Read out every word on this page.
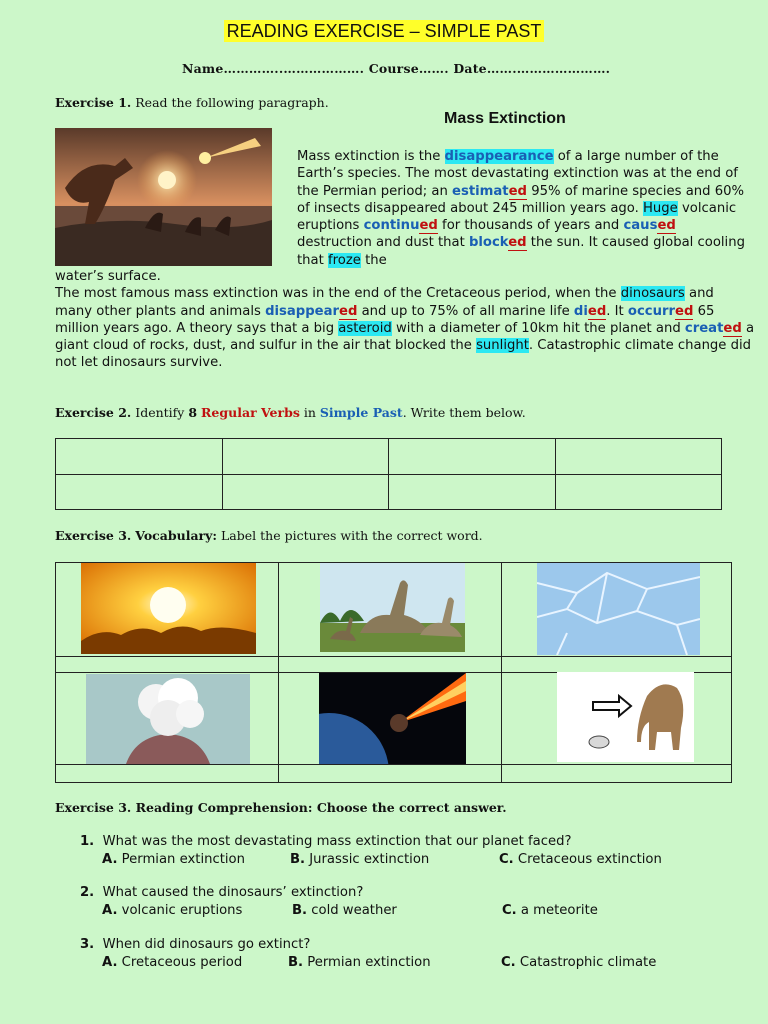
READING EXERCISE – SIMPLE PAST
Name…………..………………. Course……. Date…….………………….
Exercise 1. Read the following paragraph.
Mass Extinction

Mass extinction is the disappearance of a large number of the Earth’s species. The most devastating extinction was at the end of the Permian period; an estimated 95% of marine species and 60% of insects disappeared about 245 million years ago. Huge volcanic eruptions continued for thousands of years and caused destruction and dust that blocked the sun. It caused global cooling that froze the

water’s surface.
The most famous mass extinction was in the end of the Cretaceous period, when the dinosaurs and many other plants and animals disappeared and up to 75% of all marine life died. It occurred 65 million years ago. A theory says that a big asteroid with a diameter of 10km hit the planet and created a giant cloud of rocks, dust, and sulfur in the air that blocked the sunlight. Catastrophic climate change did not let dinosaurs survive.

Exercise 2. Identify 8 Regular Verbs in Simple Past. Write them below.

Exercise 3. Vocabulary: Label the pictures with the correct word.

Exercise 3. Reading Comprehension: Choose the correct answer.
1. What was the most devastating mass extinction that our planet faced?
A. Permian extinction	B. Jurassic extinction	C. Cretaceous extinction
2. What caused the dinosaurs’ extinction?
A. volcanic eruptions	B. cold weather	C. a meteorite
3. When did dinosaurs go extinct?
A. Cretaceous period	B. Permian extinction	C. Catastrophic climate
